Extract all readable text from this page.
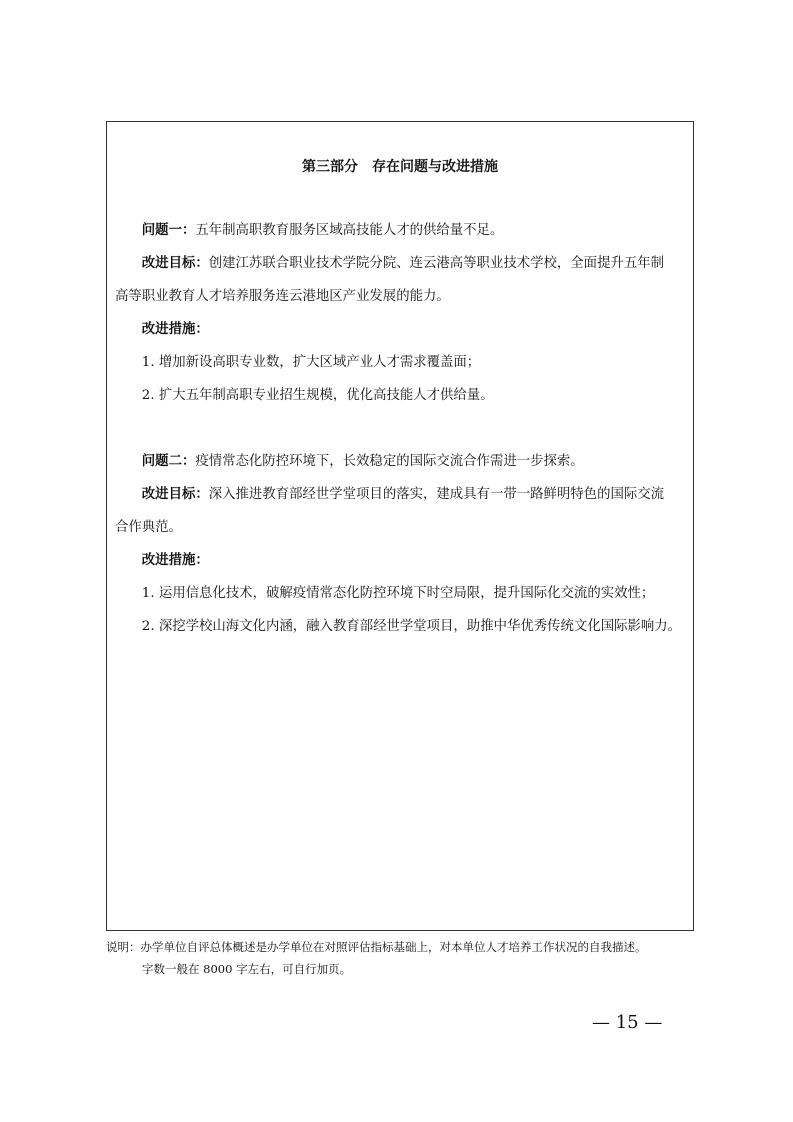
第三部分　存在问题与改进措施

问题一：五年制高职教育服务区域高技能人才的供给量不足。

改进目标：创建江苏联合职业技术学院分院、连云港高等职业技术学校，全面提升五年制

高等职业教育人才培养服务连云港地区产业发展的能力。

改进措施：

1. 增加新设高职专业数，扩大区域产业人才需求覆盖面；

2. 扩大五年制高职专业招生规模，优化高技能人才供给量。

问题二：疫情常态化防控环境下，长效稳定的国际交流合作需进一步探索。

改进目标：深入推进教育部经世学堂项目的落实，建成具有一带一路鲜明特色的国际交流

合作典范。

改进措施：

1. 运用信息化技术，破解疫情常态化防控环境下时空局限，提升国际化交流的实效性；

2. 深挖学校山海文化内涵，融入教育部经世学堂项目，助推中华优秀传统文化国际影响力。

说明：办学单位自评总体概述是办学单位在对照评估指标基础上，对本单位人才培养工作状况的自我描述。
字数一般在 8000 字左右，可自行加页。
— 15 —
